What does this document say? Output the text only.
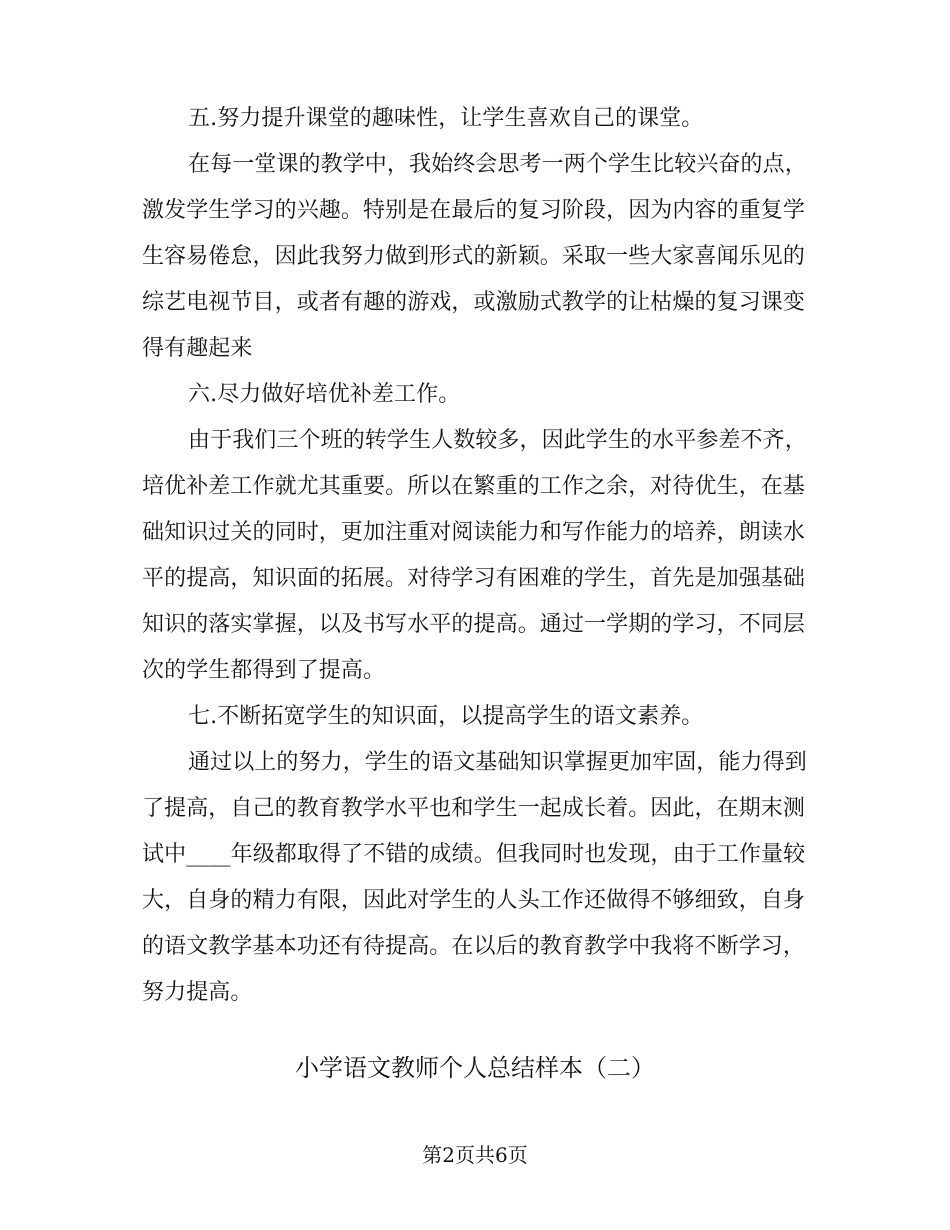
五.努力提升课堂的趣味性，让学生喜欢自己的课堂。
在每一堂课的教学中，我始终会思考一两个学生比较兴奋的点，
激发学生学习的兴趣。特别是在最后的复习阶段，因为内容的重复学
生容易倦怠，因此我努力做到形式的新颖。采取一些大家喜闻乐见的
综艺电视节目，或者有趣的游戏，或激励式教学的让枯燥的复习课变
得有趣起来
六.尽力做好培优补差工作。
由于我们三个班的转学生人数较多，因此学生的水平参差不齐，
培优补差工作就尤其重要。所以在繁重的工作之余，对待优生，在基
础知识过关的同时，更加注重对阅读能力和写作能力的培养，朗读水
平的提高，知识面的拓展。对待学习有困难的学生，首先是加强基础
知识的落实掌握，以及书写水平的提高。通过一学期的学习，不同层
次的学生都得到了提高。
七.不断拓宽学生的知识面，以提高学生的语文素养。
通过以上的努力，学生的语文基础知识掌握更加牢固，能力得到
了提高，自己的教育教学水平也和学生一起成长着。因此，在期末测
试中____年级都取得了不错的成绩。但我同时也发现，由于工作量较
大，自身的精力有限，因此对学生的人头工作还做得不够细致，自身
的语文教学基本功还有待提高。在以后的教育教学中我将不断学习，
努力提高。
小学语文教师个人总结样本（二）
第2页共6页
